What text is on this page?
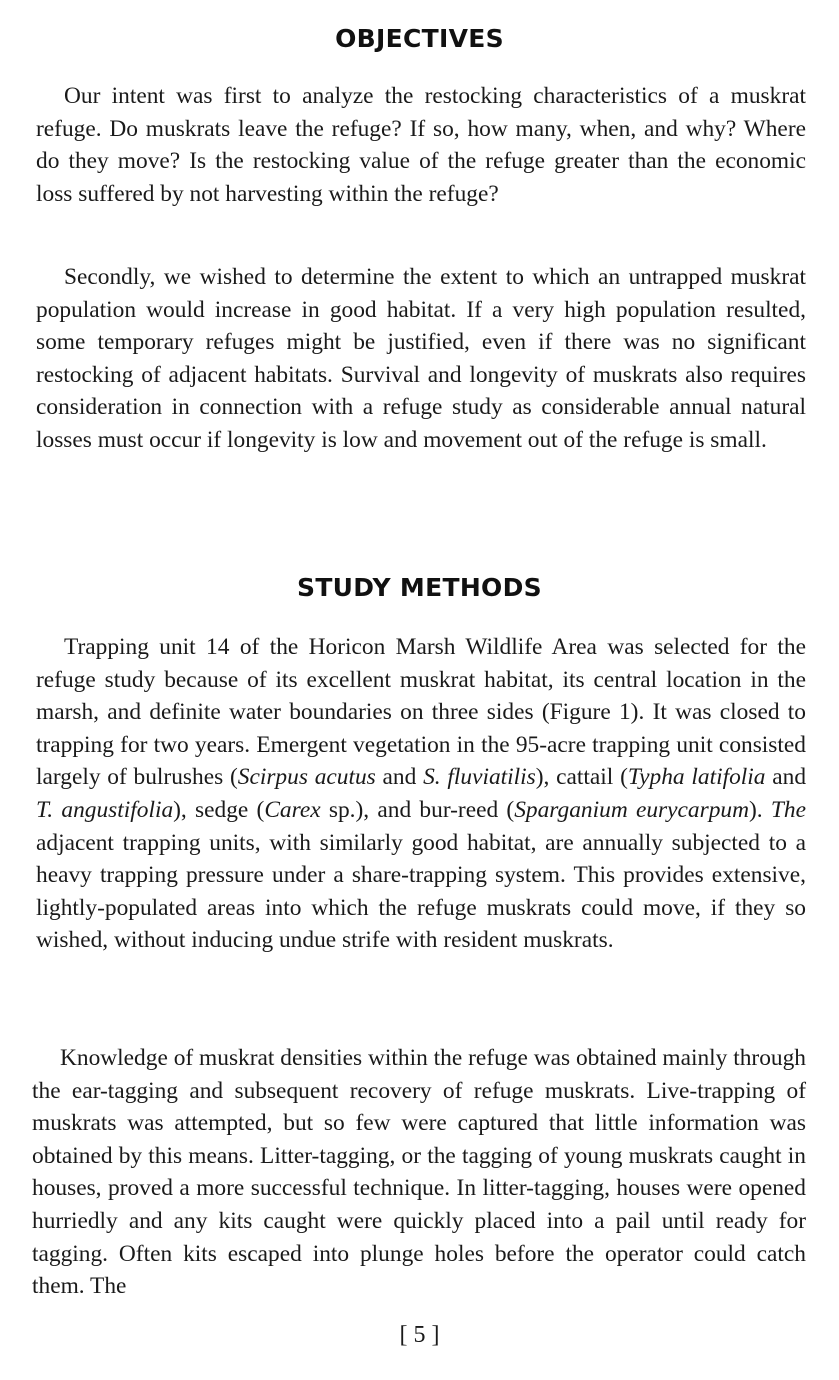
OBJECTIVES

Our intent was first to analyze the restocking characteristics of a muskrat refuge. Do muskrats leave the refuge? If so, how many, when, and why? Where do they move? Is the restocking value of the refuge greater than the economic loss suffered by not harvesting within the refuge?

Secondly, we wished to determine the extent to which an untrapped muskrat population would increase in good habitat. If a very high population resulted, some temporary refuges might be justified, even if there was no significant restocking of adjacent habitats. Survival and longevity of muskrats also requires consideration in connection with a refuge study as considerable annual natural losses must occur if longevity is low and movement out of the refuge is small.

STUDY METHODS

Trapping unit 14 of the Horicon Marsh Wildlife Area was selected for the refuge study because of its excellent muskrat habitat, its central location in the marsh, and definite water boundaries on three sides (Figure 1). It was closed to trapping for two years. Emergent vegetation in the 95-acre trapping unit consisted largely of bulrushes (Scirpus acutus and S. fluviatilis), cattail (Typha latifolia and T. angustifolia), sedge (Carex sp.), and bur-reed (Sparganium eurycarpum). The adjacent trapping units, with similarly good habitat, are annually subjected to a heavy trapping pressure under a share-trapping system. This provides extensive, lightly-populated areas into which the refuge muskrats could move, if they so wished, without inducing undue strife with resident muskrats.

Knowledge of muskrat densities within the refuge was obtained mainly through the ear-tagging and subsequent recovery of refuge muskrats. Live-trapping of muskrats was attempted, but so few were captured that little information was obtained by this means. Litter-tagging, or the tagging of young muskrats caught in houses, proved a more successful technique. In litter-tagging, houses were opened hurriedly and any kits caught were quickly placed into a pail until ready for tagging. Often kits escaped into plunge holes before the operator could catch them. The

[ 5 ]
